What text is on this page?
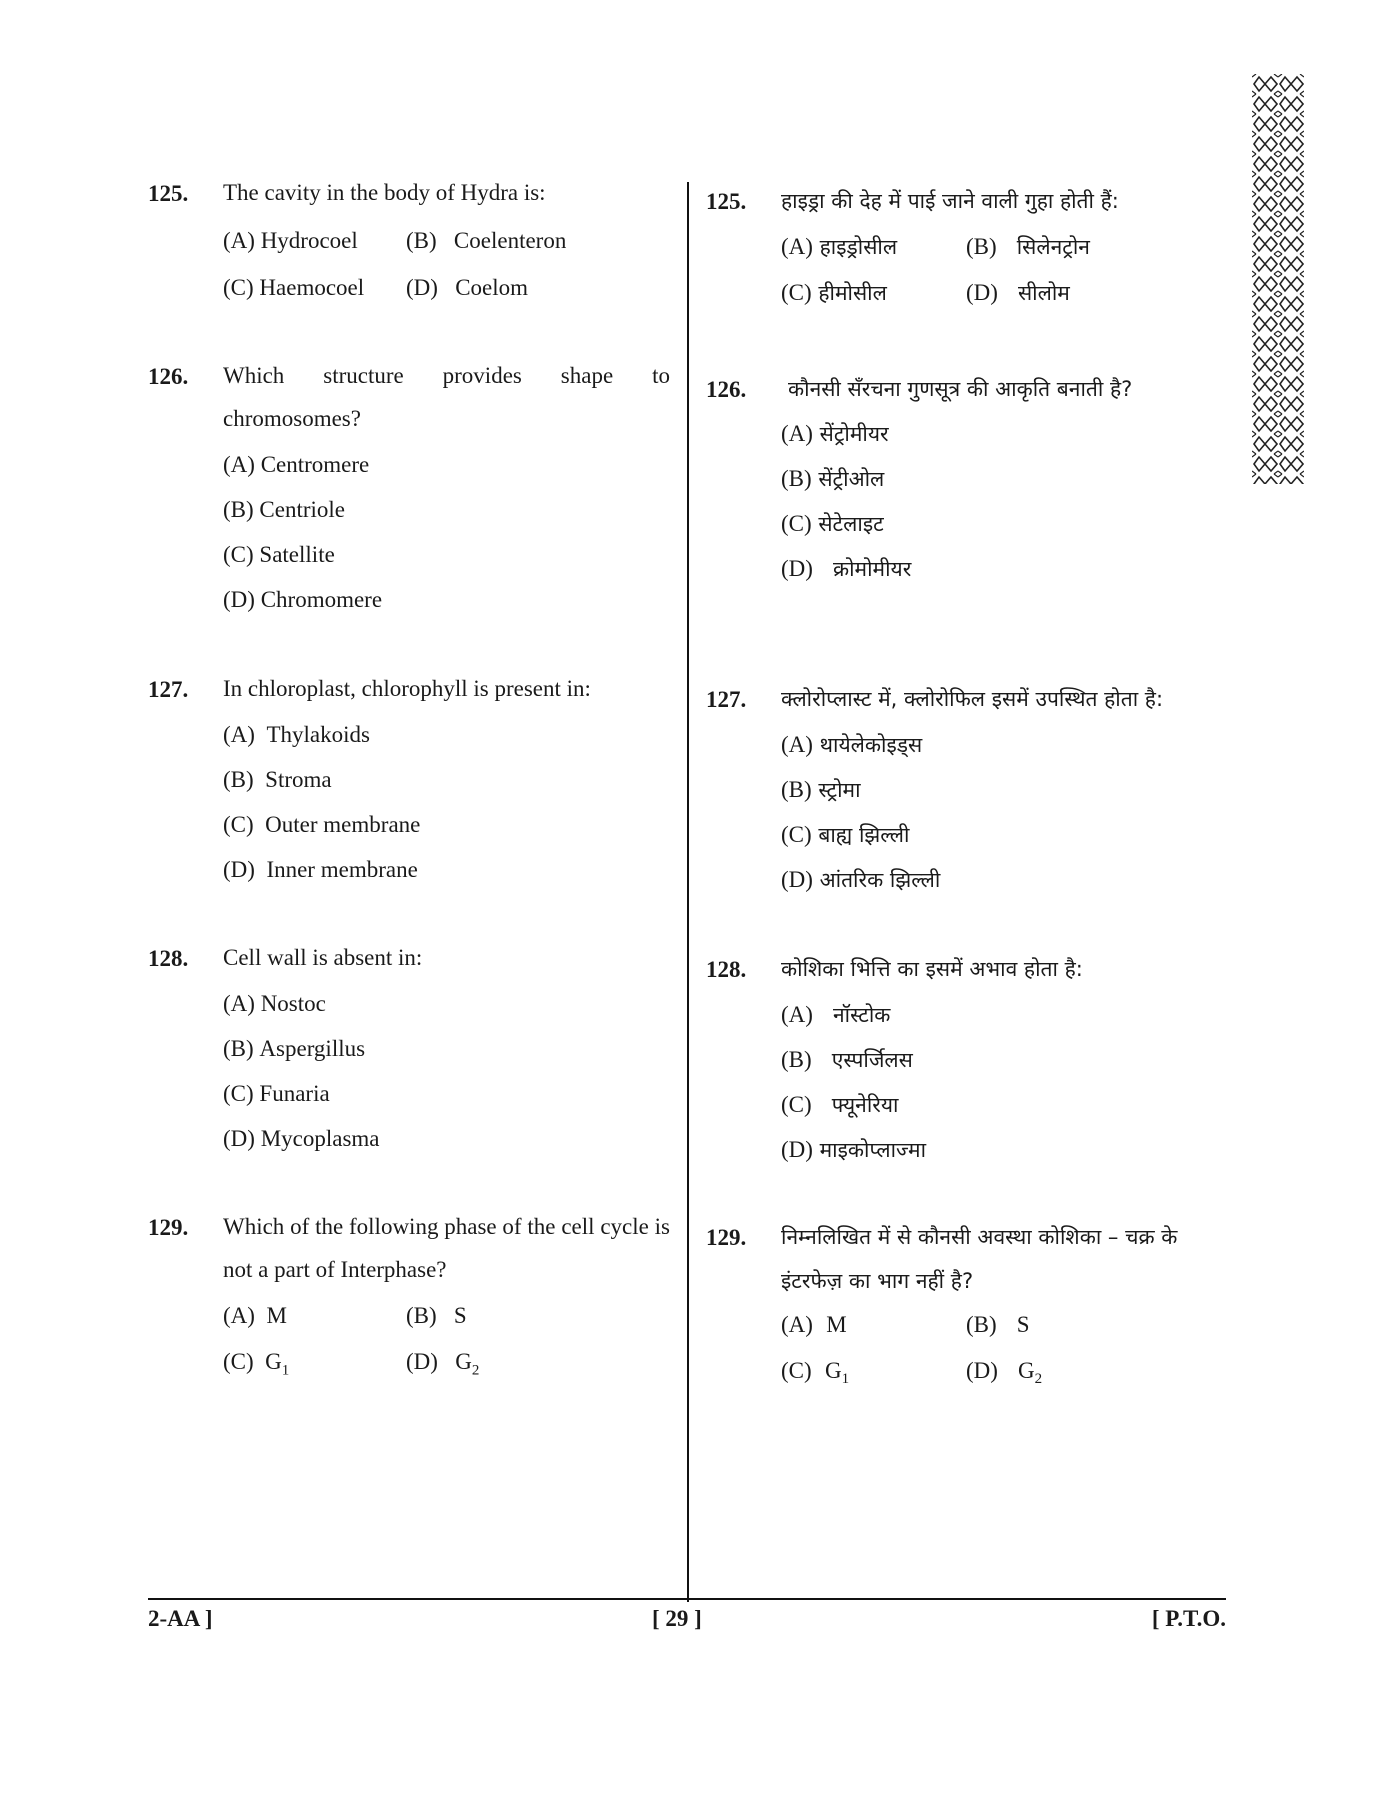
125. The cavity in the body of Hydra is:
(A) Hydrocoel (B) Coelenteron
(C) Haemocoel (D) Coelom
126. Which structure provides shape to chromosomes?
(A) Centromere
(B) Centriole
(C) Satellite
(D) Chromomere
127. In chloroplast, chlorophyll is present in:
(A) Thylakoids
(B) Stroma
(C) Outer membrane
(D) Inner membrane
128. Cell wall is absent in:
(A) Nostoc
(B) Aspergillus
(C) Funaria
(D) Mycoplasma
129. Which of the following phase of the cell cycle is not a part of Interphase?
(A) M	(B) S
(C) $G_1$	(D) $G_2$
125. हाइड्रा की देह में पाई जाने वाली गुहा होती हैं:
(A) हाइड्रोसील	(B) सिलेनट्रोन
(C) हीमोसील	(D) सीलोम
126. कौनसी सँरचना गुणसूत्र की आकृति बनाती है?
(A) सेंट्रोमीयर
(B) सेंट्रीओल
(C) सेटेलाइट
(D) क्रोमोमीयर
127. क्लोरोप्लास्ट में, क्लोरोफिल इसमें उपस्थित होता है:
(A) थायेलेकोइड्स
(B) स्ट्रोमा
(C) बाह्य झिल्ली
(D) आंतरिक झिल्ली
128. कोशिका भित्ति का इसमें अभाव होता है:
(A) नॉस्टोक
(B) एस्पर्जिलस
(C) फ्यूनेरिया
(D) माइकोप्लाज्मा
129. निम्नलिखित में से कौनसी अवस्था कोशिका – चक्र के इंटरफेज़ का भाग नहीं है?
(A) M	(B) S
(C) $G_1$	(D) $G_2$
2-AA ]	[ 29 ]	[ P.T.O.
